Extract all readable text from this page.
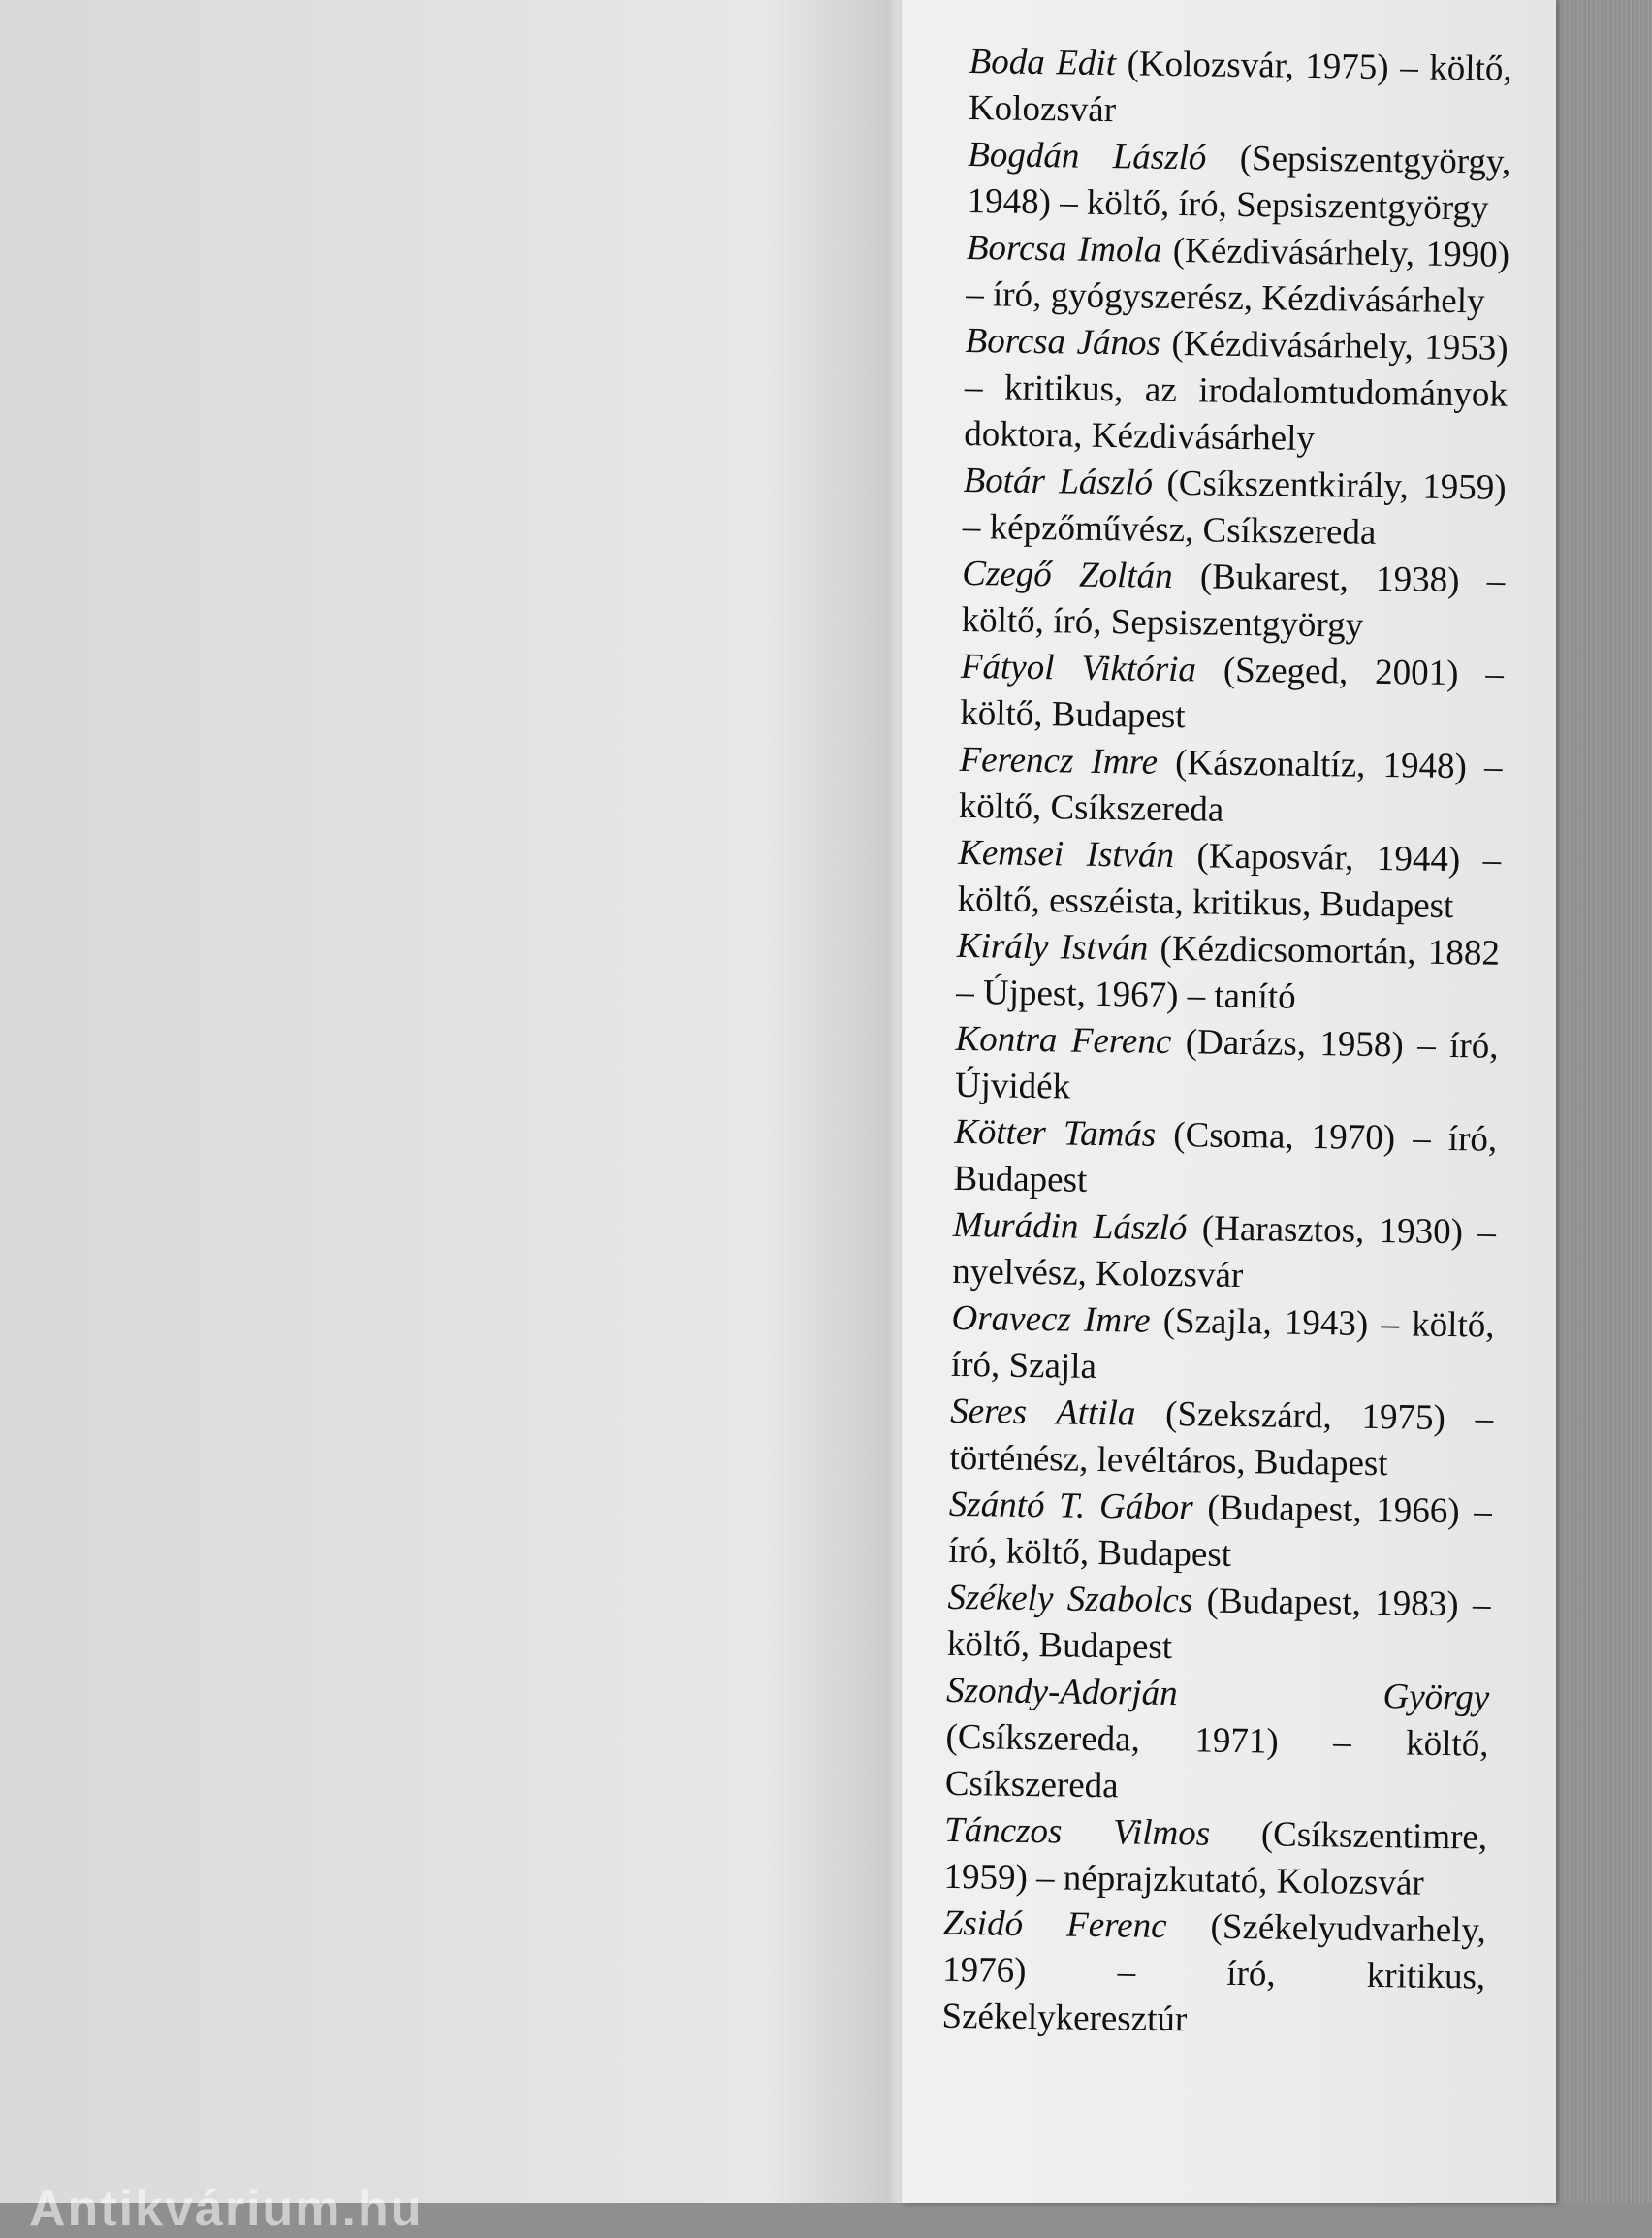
Boda Edit (Kolozsvár, 1975) – költő, Kolozsvár

Bogdán László (Sepsiszentgyörgy, 1948) – költő, író, Sepsiszentgyörgy

Borcsa Imola (Kézdivásárhely, 1990) – író, gyógyszerész, Kézdivásárhely

Borcsa János (Kézdivásárhely, 1953) – kritikus, az irodalomtudományok doktora, Kézdivásárhely

Botár László (Csíkszentkirály, 1959) – képzőművész, Csíkszereda

Czegő Zoltán (Bukarest, 1938) – költő, író, Sepsiszentgyörgy

Fátyol Viktória (Szeged, 2001) – költő, Budapest

Ferencz Imre (Kászonaltíz, 1948) – költő, Csíkszereda

Kemsei István (Kaposvár, 1944) – költő, esszéista, kritikus, Budapest

Király István (Kézdicsomortán, 1882 – Újpest, 1967) – tanító

Kontra Ferenc (Darázs, 1958) – író, Újvidék

Kötter Tamás (Csoma, 1970) – író, Budapest

Murádin László (Harasztos, 1930) – nyelvész, Kolozsvár

Oravecz Imre (Szajla, 1943) – költő, író, Szajla

Seres Attila (Szekszárd, 1975) – történész, levéltáros, Budapest

Szántó T. Gábor (Budapest, 1966) – író, költő, Budapest

Székely Szabolcs (Budapest, 1983) – költő, Budapest

Szondy-Adorján György (Csíkszereda, 1971) – költő, Csíkszereda

Tánczos Vilmos (Csíkszentimre, 1959) – néprajzkutató, Kolozsvár

Zsidó Ferenc (Székelyudvarhely, 1976) – író, kritikus, Székelykeresztúr

Antikvárium.hu
